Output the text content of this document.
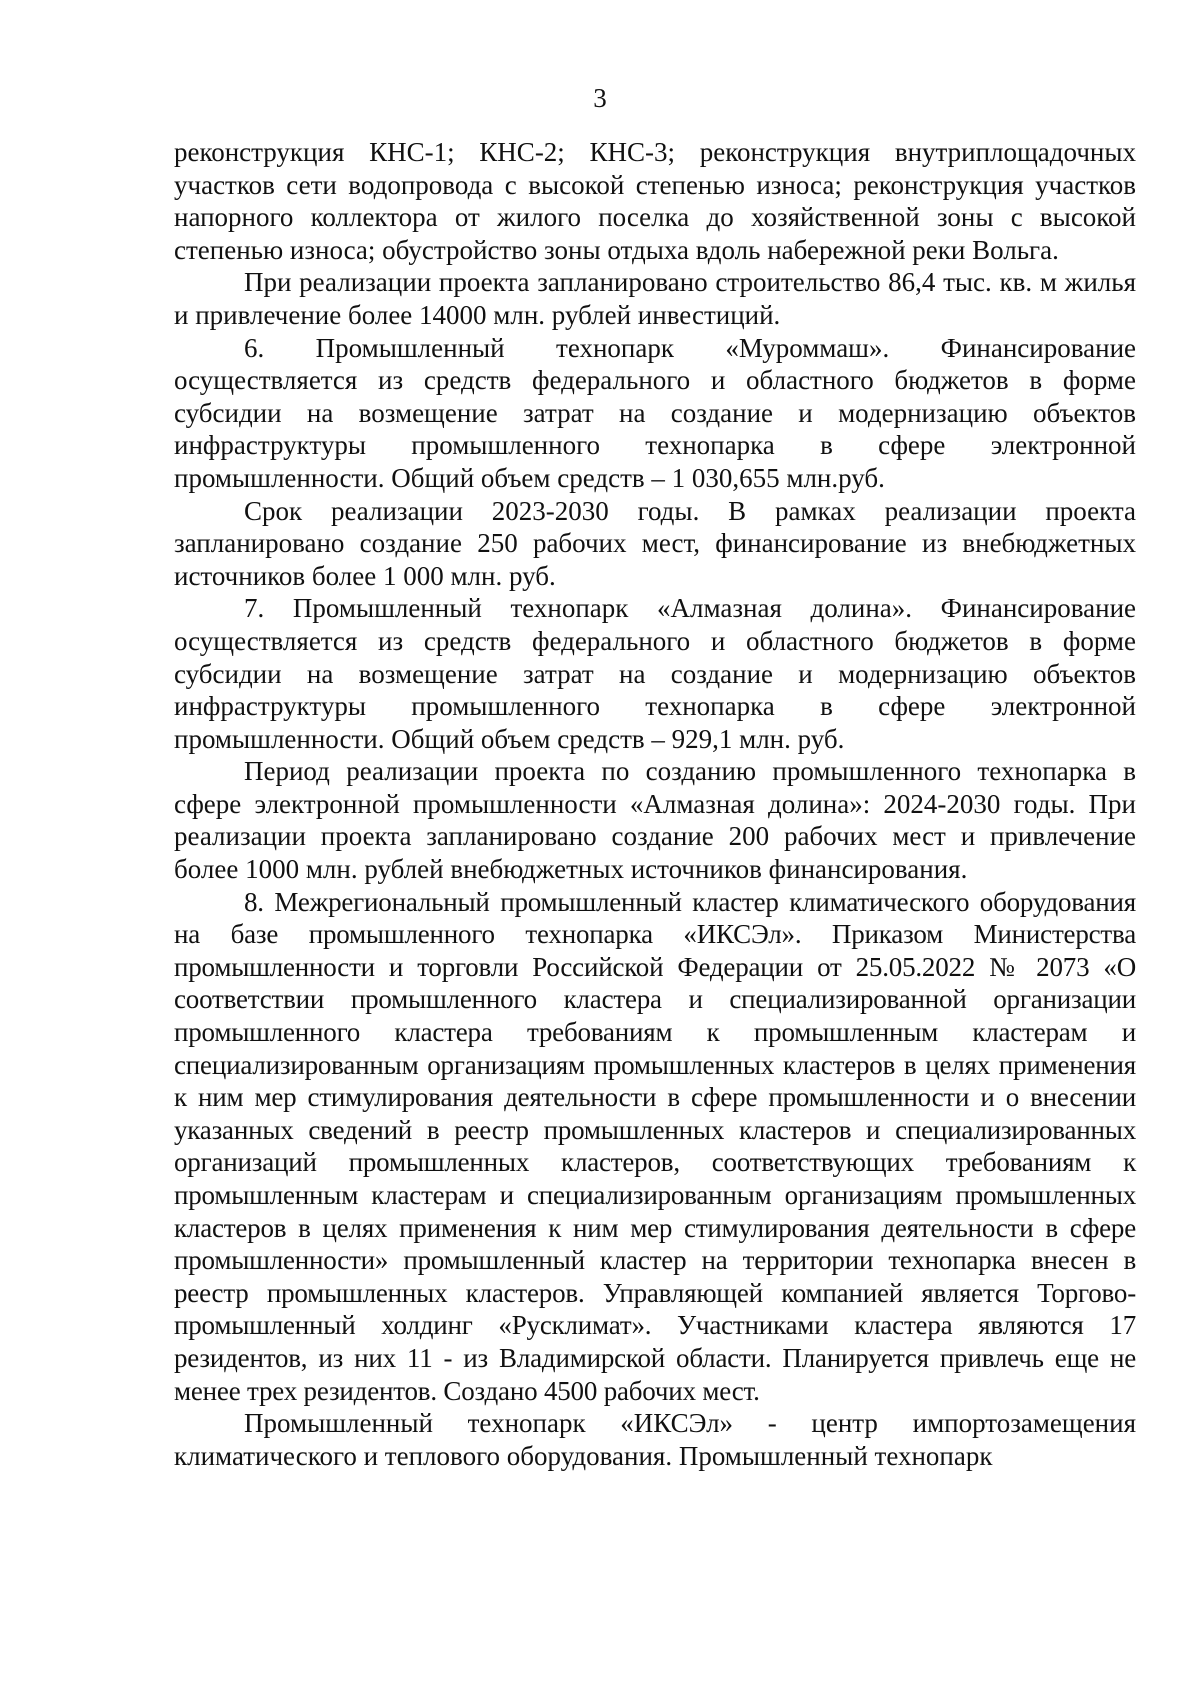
3

реконструкция КНС-1; КНС-2; КНС-3; реконструкция внутриплощадочных участков сети водопровода с высокой степенью износа; реконструкция участков напорного коллектора от жилого поселка до хозяйственной зоны с высокой степенью износа; обустройство зоны отдыха вдоль набережной реки Вольга.

При реализации проекта запланировано строительство 86,4 тыс. кв. м жилья и привлечение более 14000 млн. рублей инвестиций.

6. Промышленный технопарк «Муроммаш». Финансирование осуществляется из средств федерального и областного бюджетов в форме субсидии на возмещение затрат на создание и модернизацию объектов инфраструктуры промышленного технопарка в сфере электронной промышленности. Общий объем средств – 1 030,655 млн.руб.

Срок реализации 2023-2030 годы. В рамках реализации проекта запланировано создание 250 рабочих мест, финансирование из внебюджетных источников более 1 000 млн. руб.

7. Промышленный технопарк «Алмазная долина». Финансирование осуществляется из средств федерального и областного бюджетов в форме субсидии на возмещение затрат на создание и модернизацию объектов инфраструктуры промышленного технопарка в сфере электронной промышленности. Общий объем средств – 929,1 млн. руб.

Период реализации проекта по созданию промышленного технопарка в сфере электронной промышленности «Алмазная долина»: 2024-2030 годы. При реализации проекта запланировано создание 200 рабочих мест и привлечение более 1000 млн. рублей внебюджетных источников финансирования.

8. Межрегиональный промышленный кластер климатического оборудования на базе промышленного технопарка «ИКСЭл». Приказом Министерства промышленности и торговли Российской Федерации от 25.05.2022 № 2073 «О соответствии промышленного кластера и специализированной организации промышленного кластера требованиям к промышленным кластерам и специализированным организациям промышленных кластеров в целях применения к ним мер стимулирования деятельности в сфере промышленности и о внесении указанных сведений в реестр промышленных кластеров и специализированных организаций промышленных кластеров, соответствующих требованиям к промышленным кластерам и специализированным организациям промышленных кластеров в целях применения к ним мер стимулирования деятельности в сфере промышленности» промышленный кластер на территории технопарка внесен в реестр промышленных кластеров. Управляющей компанией является Торгово-промышленный холдинг «Русклимат». Участниками кластера являются 17 резидентов, из них 11 - из Владимирской области. Планируется привлечь еще не менее трех резидентов. Создано 4500 рабочих мест.

Промышленный технопарк «ИКСЭл» - центр импортозамещения климатического и теплового оборудования. Промышленный технопарк
